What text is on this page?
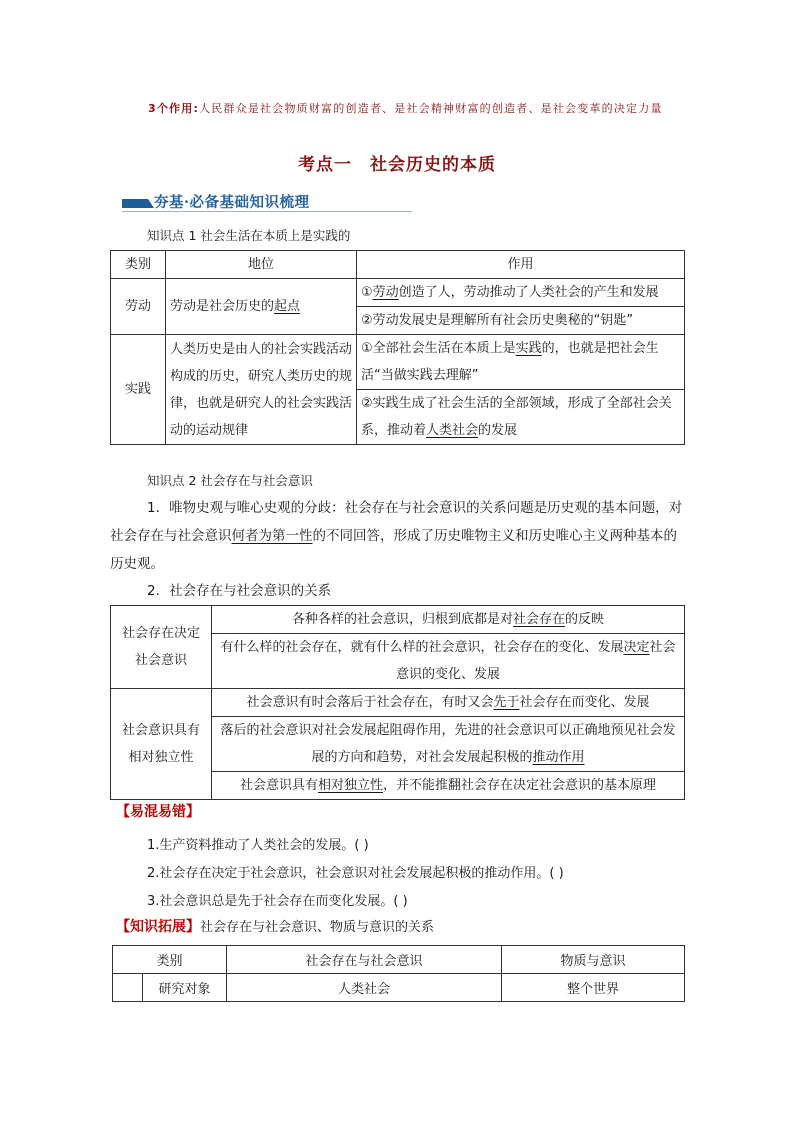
3个作用:人民群众是社会物质财富的创造者、是社会精神财富的创造者、是社会变革的决定力量
考点一 社会历史的本质
夯基·必备基础知识梳理
知识点 1 社会生活在本质上是实践的
类别	地位	作用
劳动	劳动是社会历史的起点	①劳动创造了人，劳动推动了人类社会的产生和发展
		②劳动发展史是理解所有社会历史奥秘的“钥匙”
实践	人类历史是由人的社会实践活动构成的历史，研究人类历史的规律，也就是研究人的社会实践活动的运动规律	①全部社会生活在本质上是实践的，也就是把社会生活“当做实践去理解”
		②实践生成了社会生活的全部领域，形成了全部社会关系，推动着人类社会的发展
知识点 2 社会存在与社会意识
1．唯物史观与唯心史观的分歧：社会存在与社会意识的关系问题是历史观的基本问题，对社会存在与社会意识何者为第一性的不同回答，形成了历史唯物主义和历史唯心主义两种基本的历史观。
2．社会存在与社会意识的关系
社会存在决定社会意识	各种各样的社会意识，归根到底都是对社会存在的反映
	有什么样的社会存在，就有什么样的社会意识，社会存在的变化、发展决定社会意识的变化、发展
社会意识具有相对独立性	社会意识有时会落后于社会存在，有时又会先于社会存在而变化、发展
	落后的社会意识对社会发展起阻碍作用，先进的社会意识可以正确地预见社会发展的方向和趋势，对社会发展起积极的推动作用
	社会意识具有相对独立性，并不能推翻社会存在决定社会意识的基本原理
【易混易错】
1.生产资料推动了人类社会的发展。( )
2.社会存在决定于社会意识，社会意识对社会发展起积极的推动作用。( )
3.社会意识总是先于社会存在而变化发展。( )
【知识拓展】社会存在与社会意识、物质与意识的关系
类别		社会存在与社会意识	物质与意识
	研究对象	人类社会	整个世界
